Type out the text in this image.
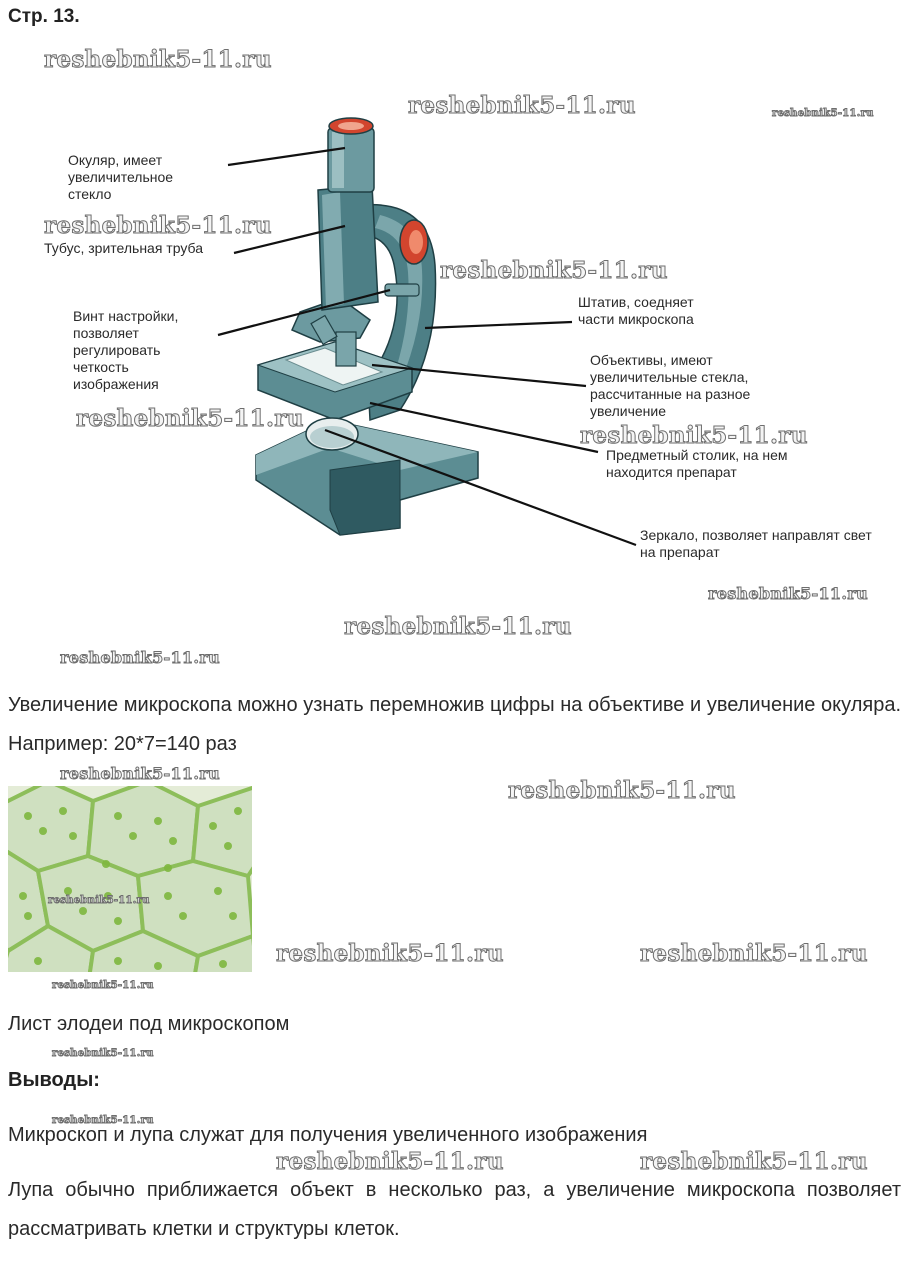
Стр. 13.
reshebnik5-11.ru
reshebnik5-11.ru	reshebnik5-11.ru
reshebnik5-11.ru
reshebnik5-11.ru
reshebnik5-11.ru
reshebnik5-11.ru
reshebnik5-11.ru
reshebnik5-11.ru
reshebnik5-11.ru
Окуляр, имеет увеличительное стекло
Тубус, зрительная труба
Винт настройки, позволяет регулировать четкость изображения
Штатив, соедняет части микроскопа
Объективы, имеют увеличительные стекла, рассчитанные на разное увеличение
Предметный столик, на нем находится препарат
Зеркало, позволяет направлят свет на препарат
Увеличение микроскопа можно узнать перемножив цифры на объективе и увеличение окуляра. Например: 20*7=140 раз
reshebnik5-11.ru
reshebnik5-11.ru
reshebnik5-11.ru
reshebnik5-11.ru	reshebnik5-11.ru
reshebnik5-11.ru
Лист элодеи под микроскопом
reshebnik5-11.ru
Выводы:
reshebnik5-11.ru
Микроскоп и лупа служат для получения увеличенного изображения
reshebnik5-11.ru	reshebnik5-11.ru
Лупа обычно приближается объект в несколько раз, а увеличение микроскопа позволяет рассматривать клетки и структуры клеток.
